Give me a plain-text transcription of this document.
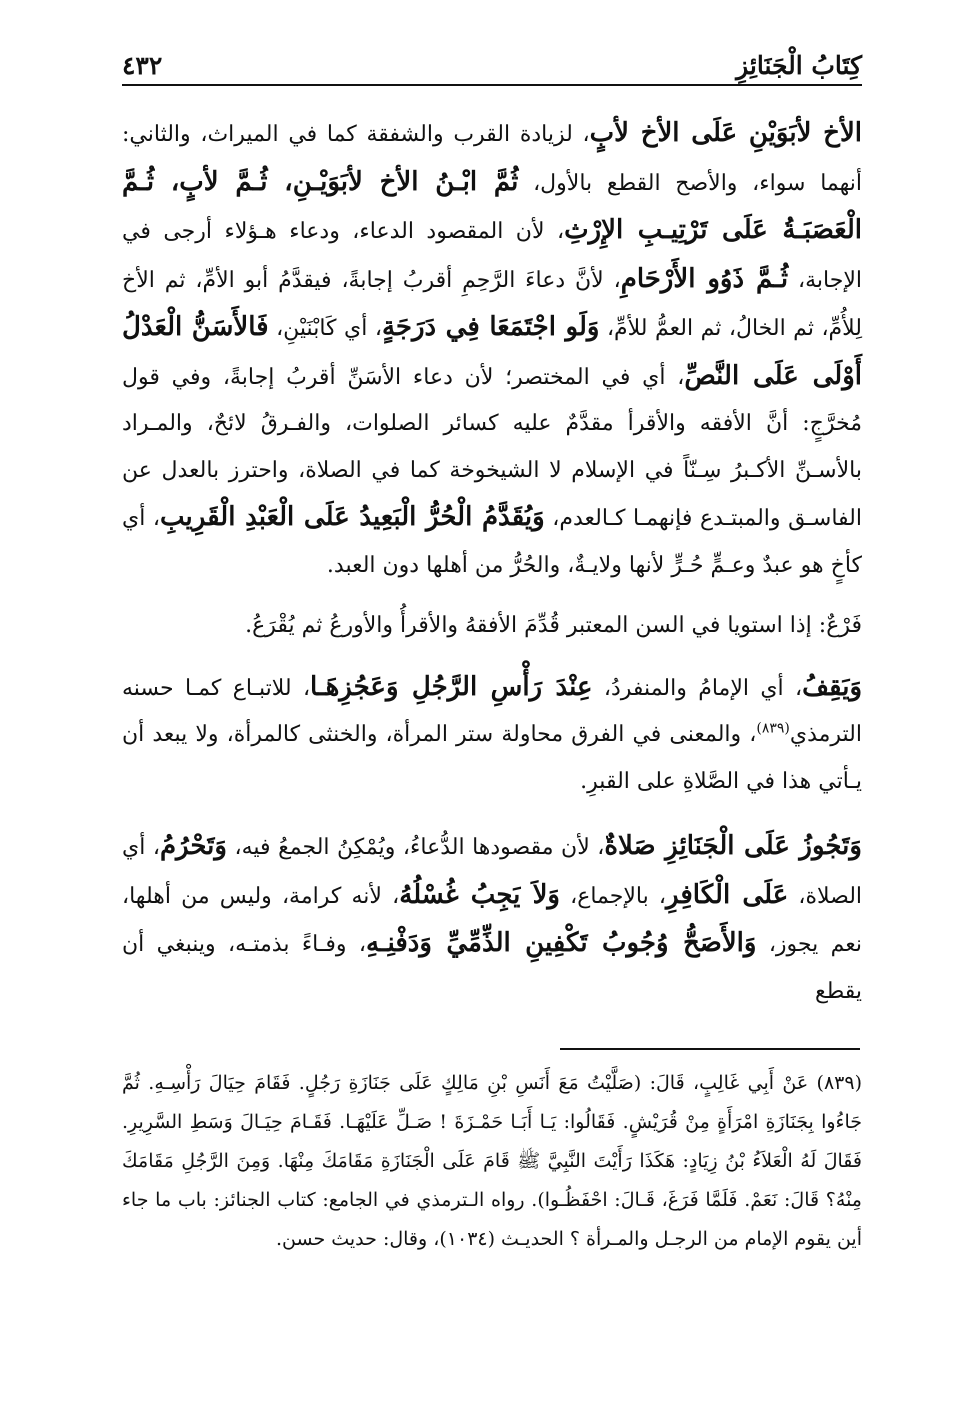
كِتَابُ الْجَنَائِزِ
٤٣٢

الأخ لأبَوَيْنِ عَلَى الأخ لأبٍ، لزيادة القرب والشفقة كما في الميراث، والثاني: أنهما سواء، والأصح القطع بالأول، ثُمَّ ابْـنُ الأخ لأبَوَيْـنِ، ثُـمَّ لأبٍ، ثُـمَّ الْعَصَبَـةُ عَلَى تَرْتِيـبِ الإِرْثِ، لأن المقصود الدعاء، ودعاء هـؤلاء أرجى في الإجابة، ثُـمَّ ذَوُو الأَرْحَامِ، لأنَّ دعاءَ الرَّحِمِ أقربُ إجابةً، فيقدَّمُ أبو الأمِّ، ثم الأخ لِلأُمِّ، ثم الخالُ، ثم العمُّ للأمِّ، وَلَو اجْتَمَعَا فِي دَرَجَةٍ، أي كَابْنَيْنِ، فَالأَسَنُّ الْعَدْلُ أَوْلَى عَلَى النَّصِّ، أي في المختصر؛ لأن دعاء الأسَنِّ أقربُ إجابةً، وفي قول مُخرَّجٍ: أنَّ الأفقه والأقرأ مقدَّمٌ عليه كسائر الصلوات، والفـرقُ لائحٌ، والمـراد بالأسـنِّ الأكـبرُ سِـنّاً في الإسلام لا الشيخوخة كما في الصلاة، واحترز بالعدل عن الفاسـق والمبتـدع فإنهمـا كـالعدم، وَيُقَدَّمُ الْحُرُّ الْبَعِيدُ عَلَى الْعَبْدِ الْقَرِيبِ، أي كأخٍ هو عبدٌ وعـمٍّ حُـرٍّ لأنها ولايـةٌ، والحُرُّ من أهلها دون العبد.

فَرْعٌ: إذا استويا في السن المعتبر قُدِّمَ الأفقهُ والأقرأُ والأورعُ ثم يُقْرَعُ.

وَيَقِفُ، أي الإمامُ والمنفردُ، عِنْدَ رَأْسِ الرَّجُلِ وَعَجُزِهَـا، للاتبـاع كمـا حسنه الترمذي$^{(٨٣٩)}$، والمعنى في الفرق محاولة ستر المرأة، والخنثى كالمرأة، ولا يبعد أن يـأتي هذا في الصَّلاةِ على القبرِ.

وَتَجُوزُ عَلَى الْجَنَائِزِ صَلاةٌ، لأن مقصودها الدُّعاءُ، ويُمْكِنُ الجمعُ فيه، وَتَحْرُمُ، أي الصلاة، عَلَى الْكَافِرِ، بالإجماع، وَلاَ يَجِبُ غُسْلُهُ، لأنه كرامة، وليس من أهلها، نعم يجوز، وَالأَصَحُّ وُجُوبُ تَكْفِينِ الذِّمِّيِّ وَدَفْنِـهِ، وفـاءً بذمتـه، وينبغي أن يقطع

(٨٣٩) عَنْ أَبِي غَالِبٍ، قَالَ: (صَلَّيْتُ مَعَ أَنَسِ بْنِ مَالِكٍ عَلَى جَنَازَةِ رَجُلٍ. فَقَامَ حِيَالَ رَأْسِـهِ. ثُمَّ جَاءُوا بِجَنَازَةِ امْرَأَةٍ مِنْ قُرَيْشٍ. فَقَالُوا: يَـا أَبَـا حَمْـزَةَ ! صَـلِّ عَلَيْهَـا. فَقَـامَ حِيَـالَ وَسَطِ السَّرِيرِ. فَقَالَ لَهُ الْعَلاَءُ بْنُ زِيَادٍ: هَكَذَا رَأَيْتَ النَّبِيَّ ﷺ قَامَ عَلَى الْجَنَازَةِ مَقَامَكَ مِنْهَا. وَمِنَ الرَّجُلِ مَقَامَكَ مِنْهُ؟ قَالَ: نَعَمْ. فَلَمَّا فَرَغَ، قَـالَ: احْفَظُـوا). رواه الـترمذي في الجامع: كتاب الجنائز: باب ما جاء أين يقوم الإمام من الرجـل والمـرأة ؟ الحديـث (١٠٣٤)، وقال: حديث حسن.
